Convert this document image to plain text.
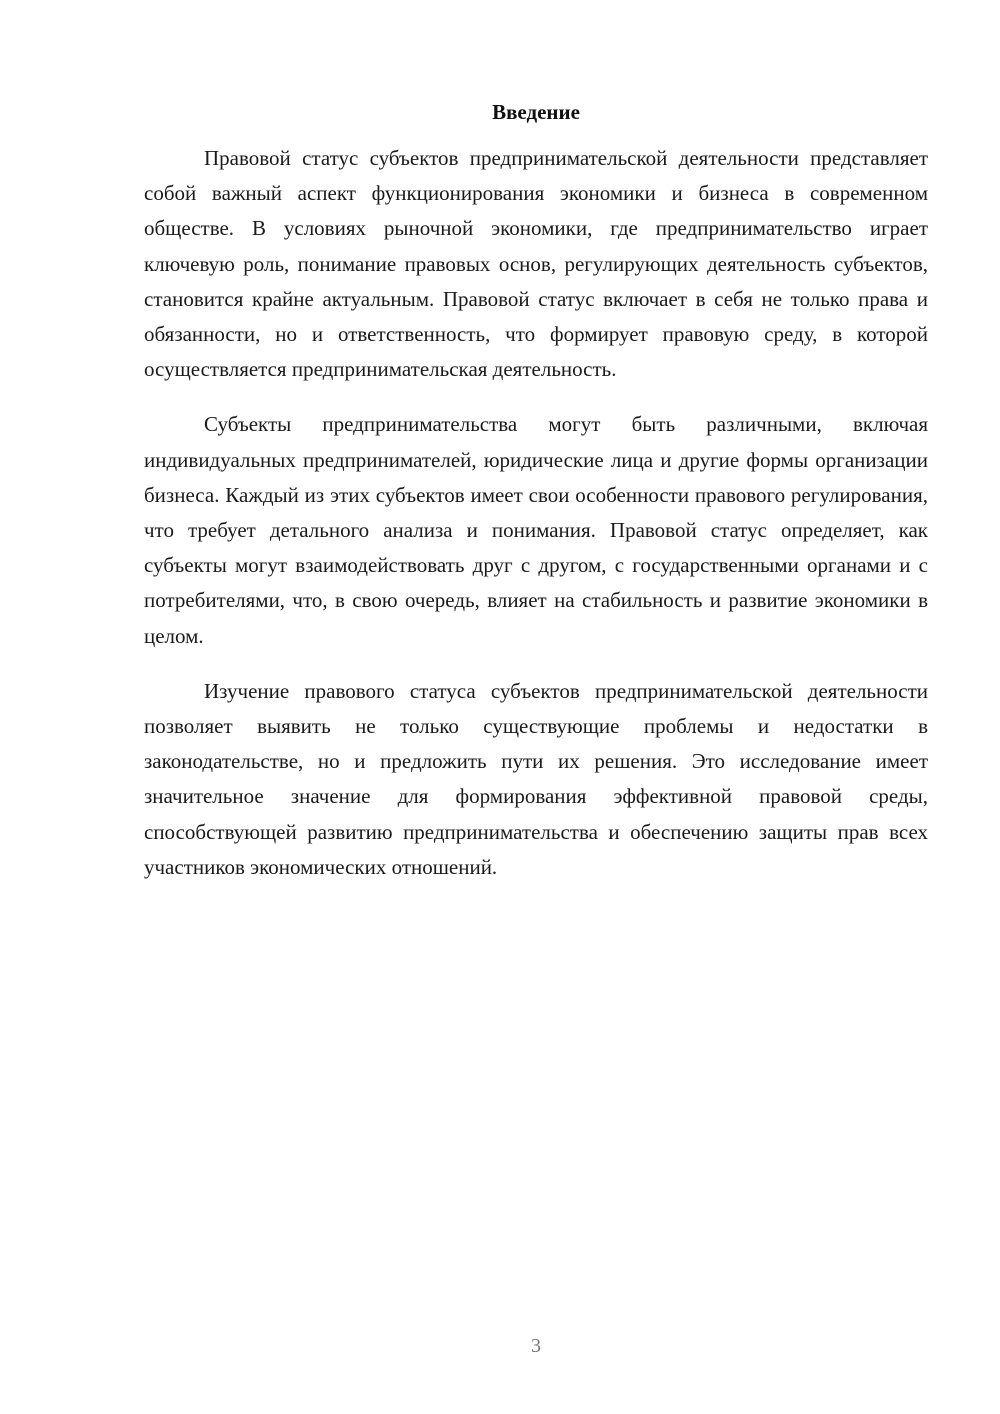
Введение

Правовой статус субъектов предпринимательской деятельности представляет собой важный аспект функционирования экономики и бизнеса в современном обществе. В условиях рыночной экономики, где предпринимательство играет ключевую роль, понимание правовых основ, регулирующих деятельность субъектов, становится крайне актуальным. Правовой статус включает в себя не только права и обязанности, но и ответственность, что формирует правовую среду, в которой осуществляется предпринимательская деятельность.

Субъекты предпринимательства могут быть различными, включая индивидуальных предпринимателей, юридические лица и другие формы организации бизнеса. Каждый из этих субъектов имеет свои особенности правового регулирования, что требует детального анализа и понимания. Правовой статус определяет, как субъекты могут взаимодействовать друг с другом, с государственными органами и с потребителями, что, в свою очередь, влияет на стабильность и развитие экономики в целом.

Изучение правового статуса субъектов предпринимательской деятельности позволяет выявить не только существующие проблемы и недостатки в законодательстве, но и предложить пути их решения. Это исследование имеет значительное значение для формирования эффективной правовой среды, способствующей развитию предпринимательства и обеспечению защиты прав всех участников экономических отношений.

3
